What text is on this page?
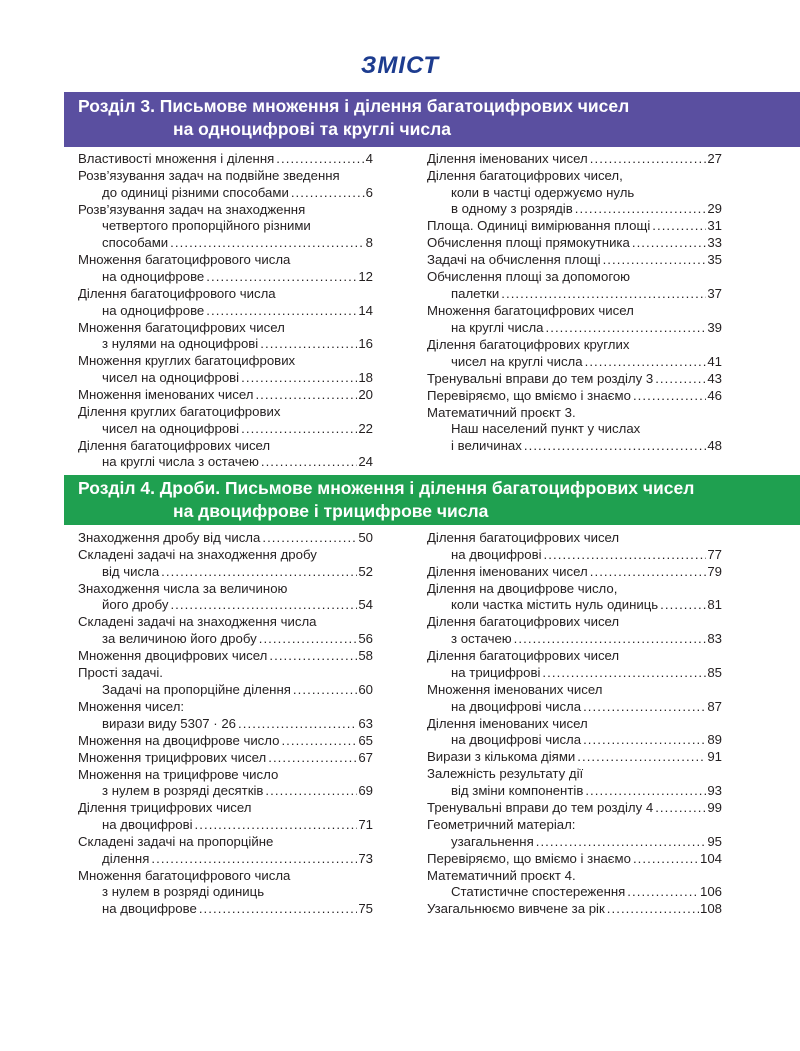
ЗМІСТ
Розділ 3. Письмове множення і ділення багатоцифрових чисел
на одноцифрові та круглі числа
Розділ 4. Дроби. Письмове множення і ділення багатоцифрових чисел
на двоцифрове і трицифрове числа
Властивості множення і ділення . . .	4
Розв’язування задач на подвійне зведення
до одиниці різними способами . . .	6
Розв’язування задач на знаходження
четвертого пропорційного різними
способами . . .	8
Множення багатоцифрового числа
на одноцифрове . . .	12
Ділення багатоцифрового числа
на одноцифрове . . .	14
Множення багатоцифрових чисел
з нулями на одноцифрові . . .	16
Множення круглих багатоцифрових
чисел на одноцифрові . . .	18
Множення іменованих чисел . . .	20
Ділення круглих багатоцифрових
чисел на одноцифрові . . .	22
Ділення багатоцифрових чисел
на круглі числа з остачею . . .	24
Ділення іменованих чисел . . .	27
Ділення багатоцифрових чисел,
коли в частці одержуємо нуль
в одному з розрядів . . .	29
Площа. Одиниці вимірювання площі . . .	31
Обчислення площі прямокутника . . .	33
Задачі на обчислення площі . . .	35
Обчислення площі за допомогою
палетки . . .	37
Множення багатоцифрових чисел
на круглі числа . . .	39
Ділення багатоцифрових круглих
чисел на круглі числа . . .	41
Тренувальні вправи до тем розділу 3 . . .	43
Перевіряємо, що вміємо і знаємо . . .	46
Математичний проєкт 3.
Наш населений пункт у числах
і величинах . . .	48
Знаходження дробу від числа . . .	50
Складені задачі на знаходження дробу
від числа . . .	52
Знаходження числа за величиною
його дробу . . .	54
Складені задачі на знаходження числа
за величиною його дробу . . .	56
Множення двоцифрових чисел . . .	58
Прості задачі.
Задачі на пропорційне ділення . . .	60
Множення чисел:
вирази виду 5307 · 26 . . .	63
Множення на двоцифрове число . . .	65
Множення трицифрових чисел . . .	67
Множення на трицифрове число
з нулем в розряді десятків . . .	69
Ділення трицифрових чисел
на двоцифрові . . .	71
Складені задачі на пропорційне
ділення . . .	73
Множення багатоцифрового числа
з нулем в розряді одиниць
на двоцифрове . . .	75
Ділення багатоцифрових чисел
на двоцифрові . . .	77
Ділення іменованих чисел . . .	79
Ділення на двоцифрове число,
коли частка містить нуль одиниць . . .	81
Ділення багатоцифрових чисел
з остачею . . .	83
Ділення багатоцифрових чисел
на трицифрові . . .	85
Множення іменованих чисел
на двоцифрові числа . . .	87
Ділення іменованих чисел
на двоцифрові числа . . .	89
Вирази з кількома діями . . .	91
Залежність результату дії
від зміни компонентів . . .	93
Тренувальні вправи до тем розділу 4 . . .	99
Геометричний матеріал:
узагальнення . . .	95
Перевіряємо, що вміємо і знаємо . . .	104
Математичний проєкт 4.
Статистичне спостереження . . .	106
Узагальнюємо вивчене за рік . . .	108
